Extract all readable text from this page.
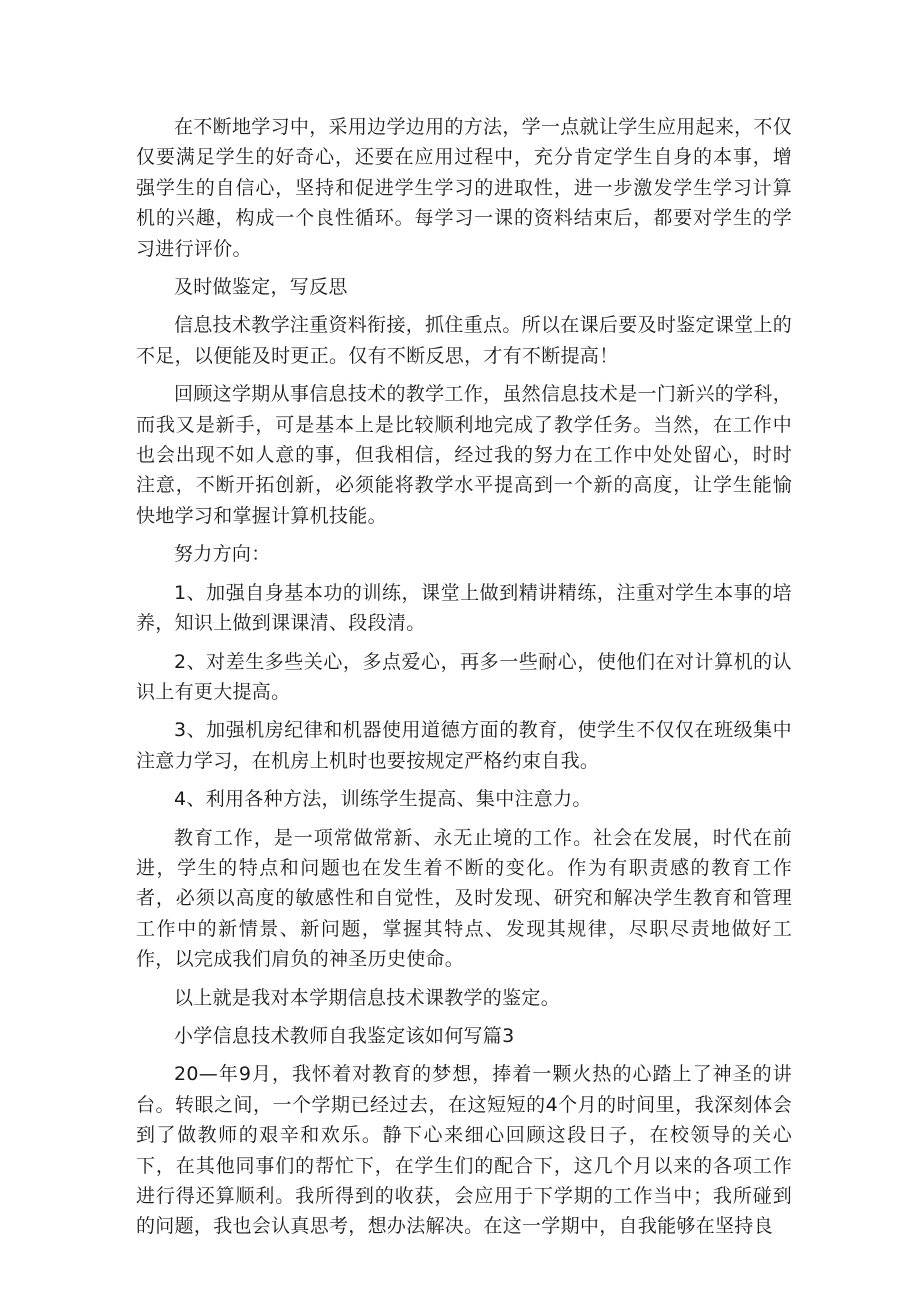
在不断地学习中，采用边学边用的方法，学一点就让学生应用起来，不仅仅要满足学生的好奇心，还要在应用过程中，充分肯定学生自身的本事，增强学生的自信心，坚持和促进学生学习的进取性，进一步激发学生学习计算机的兴趣，构成一个良性循环。每学习一课的资料结束后，都要对学生的学习进行评价。

及时做鉴定，写反思

信息技术教学注重资料衔接，抓住重点。所以在课后要及时鉴定课堂上的不足，以便能及时更正。仅有不断反思，才有不断提高！

回顾这学期从事信息技术的教学工作，虽然信息技术是一门新兴的学科，而我又是新手，可是基本上是比较顺利地完成了教学任务。当然，在工作中也会出现不如人意的事，但我相信，经过我的努力在工作中处处留心，时时注意，不断开拓创新，必须能将教学水平提高到一个新的高度，让学生能愉快地学习和掌握计算机技能。

努力方向：

1、加强自身基本功的训练，课堂上做到精讲精练，注重对学生本事的培养，知识上做到课课清、段段清。

2、对差生多些关心，多点爱心，再多一些耐心，使他们在对计算机的认识上有更大提高。

3、加强机房纪律和机器使用道德方面的教育，使学生不仅仅在班级集中注意力学习，在机房上机时也要按规定严格约束自我。

4、利用各种方法，训练学生提高、集中注意力。

教育工作，是一项常做常新、永无止境的工作。社会在发展，时代在前进，学生的特点和问题也在发生着不断的变化。作为有职责感的教育工作者，必须以高度的敏感性和自觉性，及时发现、研究和解决学生教育和管理工作中的新情景、新问题，掌握其特点、发现其规律，尽职尽责地做好工作，以完成我们肩负的神圣历史使命。

以上就是我对本学期信息技术课教学的鉴定。

小学信息技术教师自我鉴定该如何写篇3

20—年9月，我怀着对教育的梦想，捧着一颗火热的心踏上了神圣的讲台。转眼之间，一个学期已经过去，在这短短的4个月的时间里，我深刻体会到了做教师的艰辛和欢乐。静下心来细心回顾这段日子，在校领导的关心下，在其他同事们的帮忙下，在学生们的配合下，这几个月以来的各项工作进行得还算顺利。我所得到的收获，会应用于下学期的工作当中；我所碰到的问题，我也会认真思考，想办法解决。在这一学期中，自我能够在坚持良
